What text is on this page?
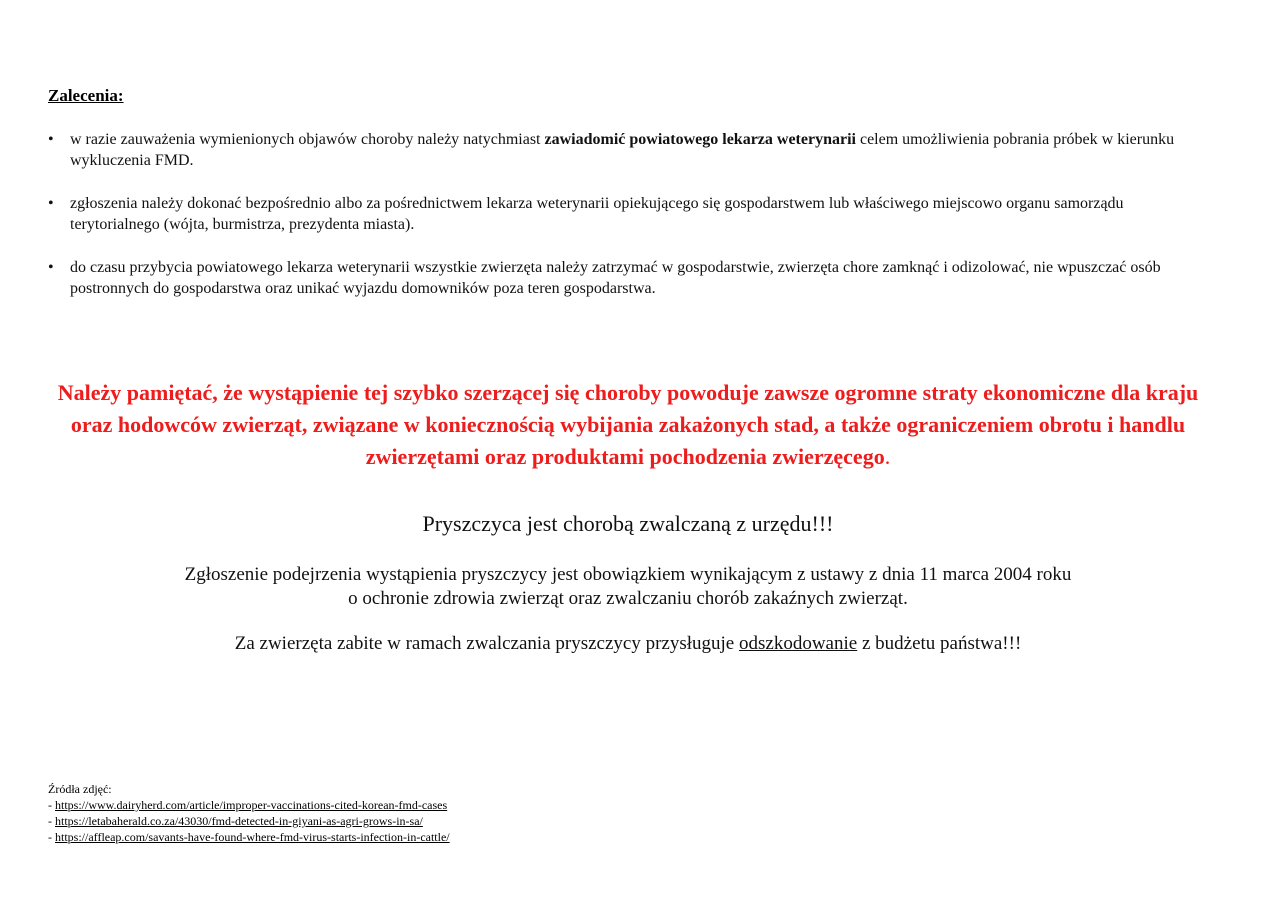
Zalecenia:

• w razie zauważenia wymienionych objawów choroby należy natychmiast zawiadomić powiatowego lekarza weterynarii celem umożliwienia pobrania próbek w kierunku wykluczenia FMD.
• zgłoszenia należy dokonać bezpośrednio albo za pośrednictwem lekarza weterynarii opiekującego się gospodarstwem lub właściwego miejscowo organu samorządu terytorialnego (wójta, burmistrza, prezydenta miasta).
• do czasu przybycia powiatowego lekarza weterynarii wszystkie zwierzęta należy zatrzymać w gospodarstwie, zwierzęta chore zamknąć i odizolować, nie wpuszczać osób postronnych do gospodarstwa oraz unikać wyjazdu domowników poza teren gospodarstwa.

Należy pamiętać, że wystąpienie tej szybko szerzącej się choroby powoduje zawsze ogromne straty ekonomiczne dla kraju oraz hodowców zwierząt, związane w koniecznością wybijania zakażonych stad, a także ograniczeniem obrotu i handlu zwierzętami oraz produktami pochodzenia zwierzęcego.

Pryszczyca jest chorobą zwalczaną z urzędu!!!

Zgłoszenie podejrzenia wystąpienia pryszczycy jest obowiązkiem wynikającym z ustawy z dnia 11 marca 2004 roku
o ochronie zdrowia zwierząt oraz zwalczaniu chorób zakaźnych zwierząt.

Za zwierzęta zabite w ramach zwalczania pryszczycy przysługuje odszkodowanie z budżetu państwa!!!

Źródła zdjęć:
- https://www.dairyherd.com/article/improper-vaccinations-cited-korean-fmd-cases
- https://letabaherald.co.za/43030/fmd-detected-in-giyani-as-agri-grows-in-sa/
- https://affleap.com/savants-have-found-where-fmd-virus-starts-infection-in-cattle/
